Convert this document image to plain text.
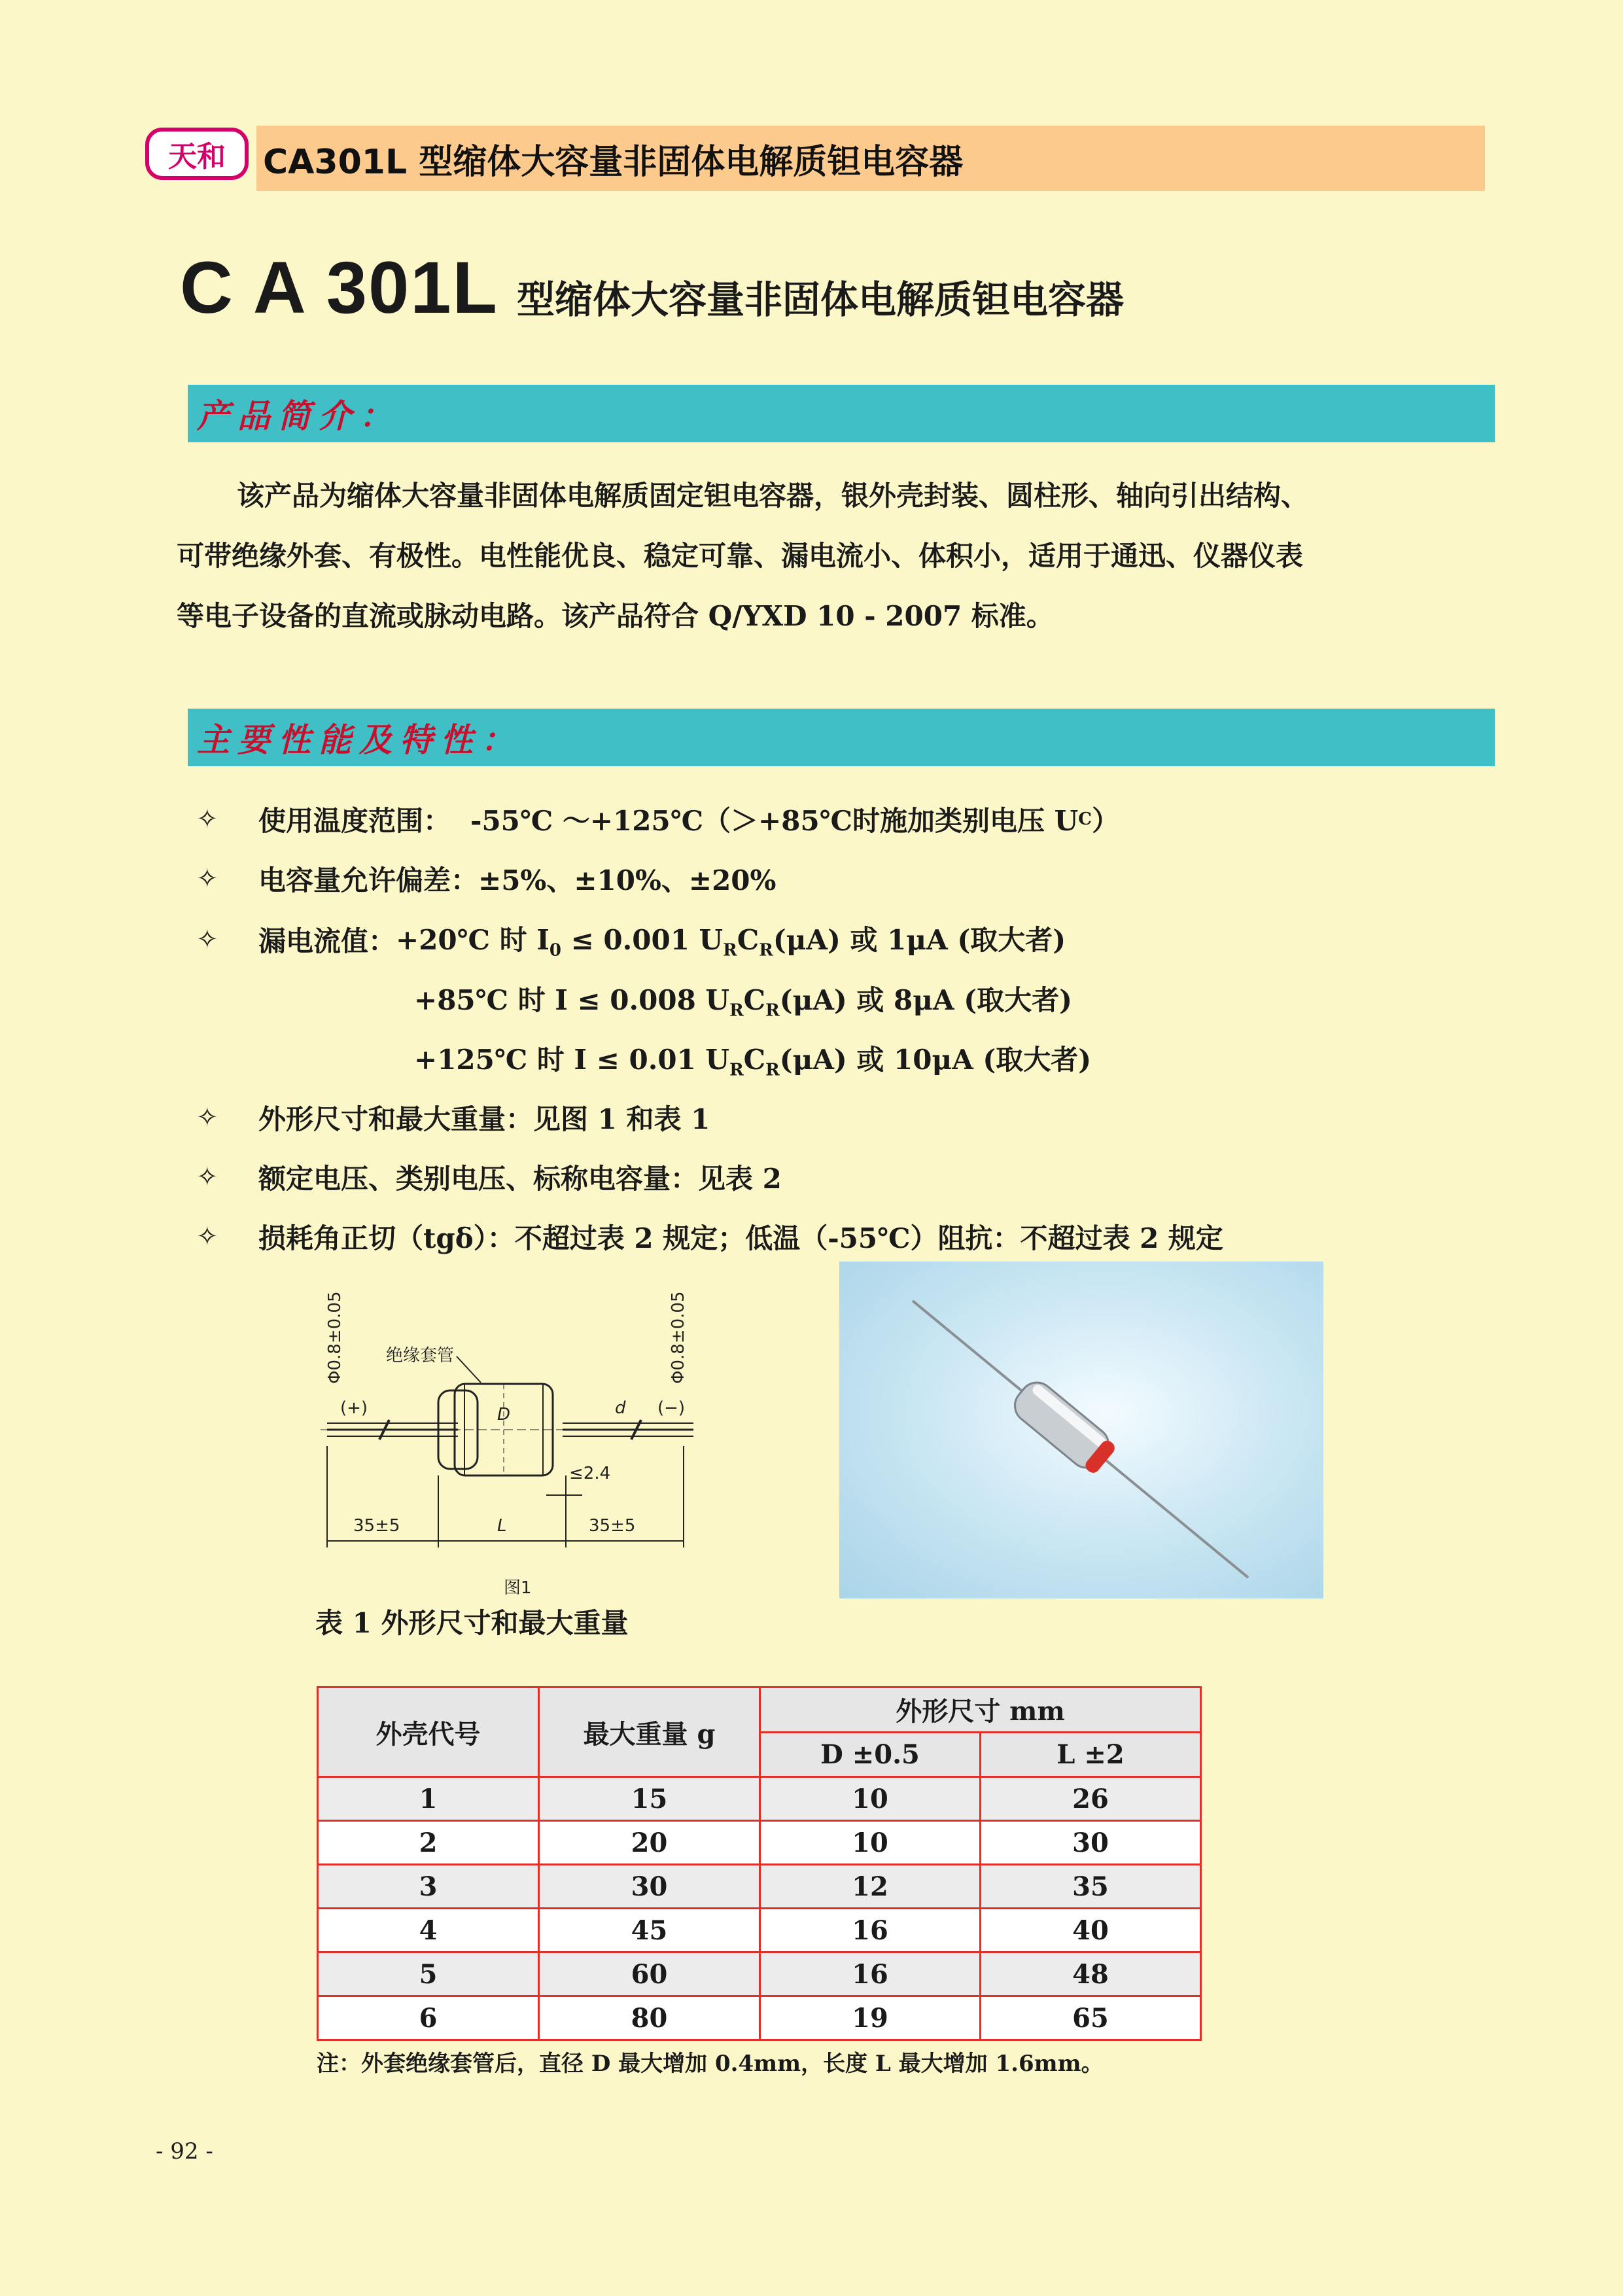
天和	CA301L 型缩体大容量非固体电解质钽电容器
C A 301L 型缩体大容量非固体电解质钽电容器
产品简介：

该产品为缩体大容量非固体电解质固定钽电容器，银外壳封装、圆柱形、轴向引出结构、

可带绝缘外套、有极性。电性能优良、稳定可靠、漏电流小、体积小，适用于通迅、仪器仪表

等电子设备的直流或脉动电路。该产品符合 Q/YXD 10 - 2007 标准。

主要性能及特性：
✧	使用温度范围： -55℃ ～+125℃（＞+85℃时施加类别电压 U C ）
✧	电容量允许偏差： ±5%、±10%、±20%
✧	漏电流值： +20℃ 时 $I_0 \le 0.001$ $U_RC_R(\mu A)$ 或 1μA (取大者)
+85℃ 时 I ≤ 0.008 $U_RC_R(\mu A)$ 或 8μA (取大者)
+125℃ 时 I ≤ 0.01 $U_RC_R(\mu A)$ 或 10μA (取大者)
✧	外形尺寸和最大重量：见图 1 和表 1
✧	额定电压、类别电压、标称电容量：见表 2
✧	损耗角正切（tgδ）：不超过表 2 规定；低温（-55℃）阻抗：不超过表 2 规定
Φ0.8±0.05	Φ0.8±0.05
绝缘套管
(+)	(−)
D	d
≤2.4
35±5	L	35±5
图1
表 1 外形尺寸和最大重量
外壳代号	最大重量 g	外形尺寸 mm	
		D ±0.5	L ±2
1	15	10	26
2	20	10	30
3	30	12	35
4	45	16	40
5	60	16	48
6	80	19	65
注：外套绝缘套管后，直径 D 最大增加 0.4mm，长度 L 最大增加 1.6mm。
- 92 -
